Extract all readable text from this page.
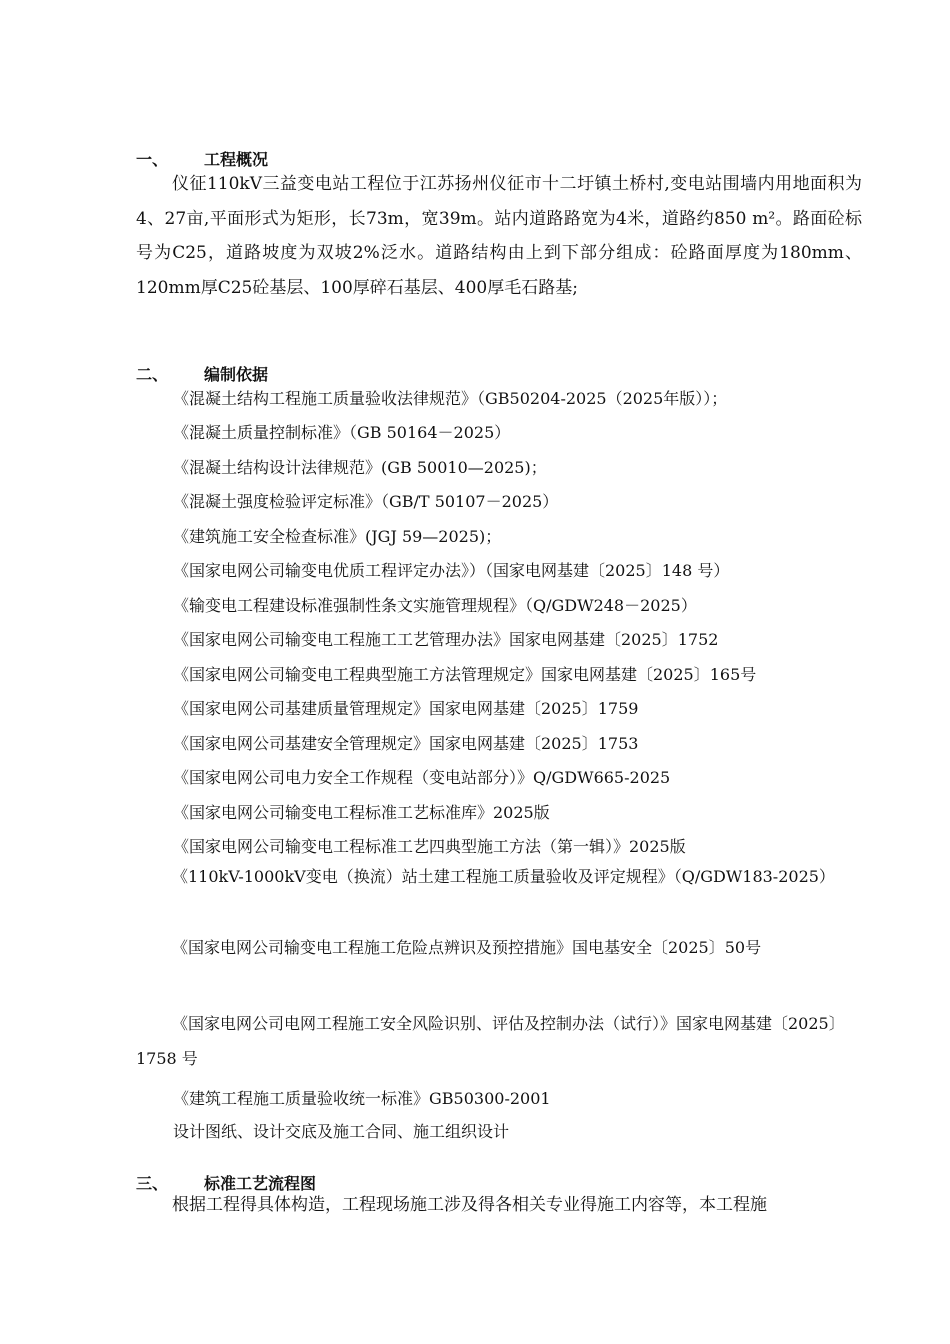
一、 工程概况
仪征110kV三益变电站工程位于江苏扬州仪征市十二圩镇土桥村,变电站围墙内用地面积为4、27亩,平面形式为矩形，长73m，宽39m。站内道路路宽为4米，道路约850 m²。路面砼标号为C25，道路坡度为双坡2%泛水。道路结构由上到下部分组成：砼路面厚度为180mm、120mm厚C25砼基层、100厚碎石基层、400厚毛石路基;
二、 编制依据
《混凝土结构工程施工质量验收法律规范》（GB50204-2025（2025年版））；
《混凝土质量控制标准》（GB 50164－2025）
《混凝土结构设计法律规范》(GB 50010—2025)；
《混凝土强度检验评定标准》（GB/T 50107－2025）
《建筑施工安全检查标准》(JGJ 59—2025)；
《国家电网公司输变电优质工程评定办法》）（国家电网基建〔2025〕148 号）
《输变电工程建设标准强制性条文实施管理规程》（Q/GDW248－2025）
《国家电网公司输变电工程施工工艺管理办法》国家电网基建〔2025〕1752
《国家电网公司输变电工程典型施工方法管理规定》国家电网基建〔2025〕165号
《国家电网公司基建质量管理规定》国家电网基建〔2025〕1759
《国家电网公司基建安全管理规定》国家电网基建〔2025〕1753
《国家电网公司电力安全工作规程（变电站部分）》Q/GDW665-2025
《国家电网公司输变电工程标准工艺标准库》2025版
《国家电网公司输变电工程标准工艺四典型施工方法（第一辑）》2025版
《110kV-1000kV变电（换流）站土建工程施工质量验收及评定规程》（Q/GDW183-2025）
《国家电网公司输变电工程施工危险点辨识及预控措施》国电基安全〔2025〕50号
《国家电网公司电网工程施工安全风险识别、评估及控制办法（试行）》国家电网基建〔2025〕 1758 号
《建筑工程施工质量验收统一标准》GB50300-2001
设计图纸、设计交底及施工合同、施工组织设计
三、 标准工艺流程图
根据工程得具体构造，工程现场施工涉及得各相关专业得施工内容等，本工程施
